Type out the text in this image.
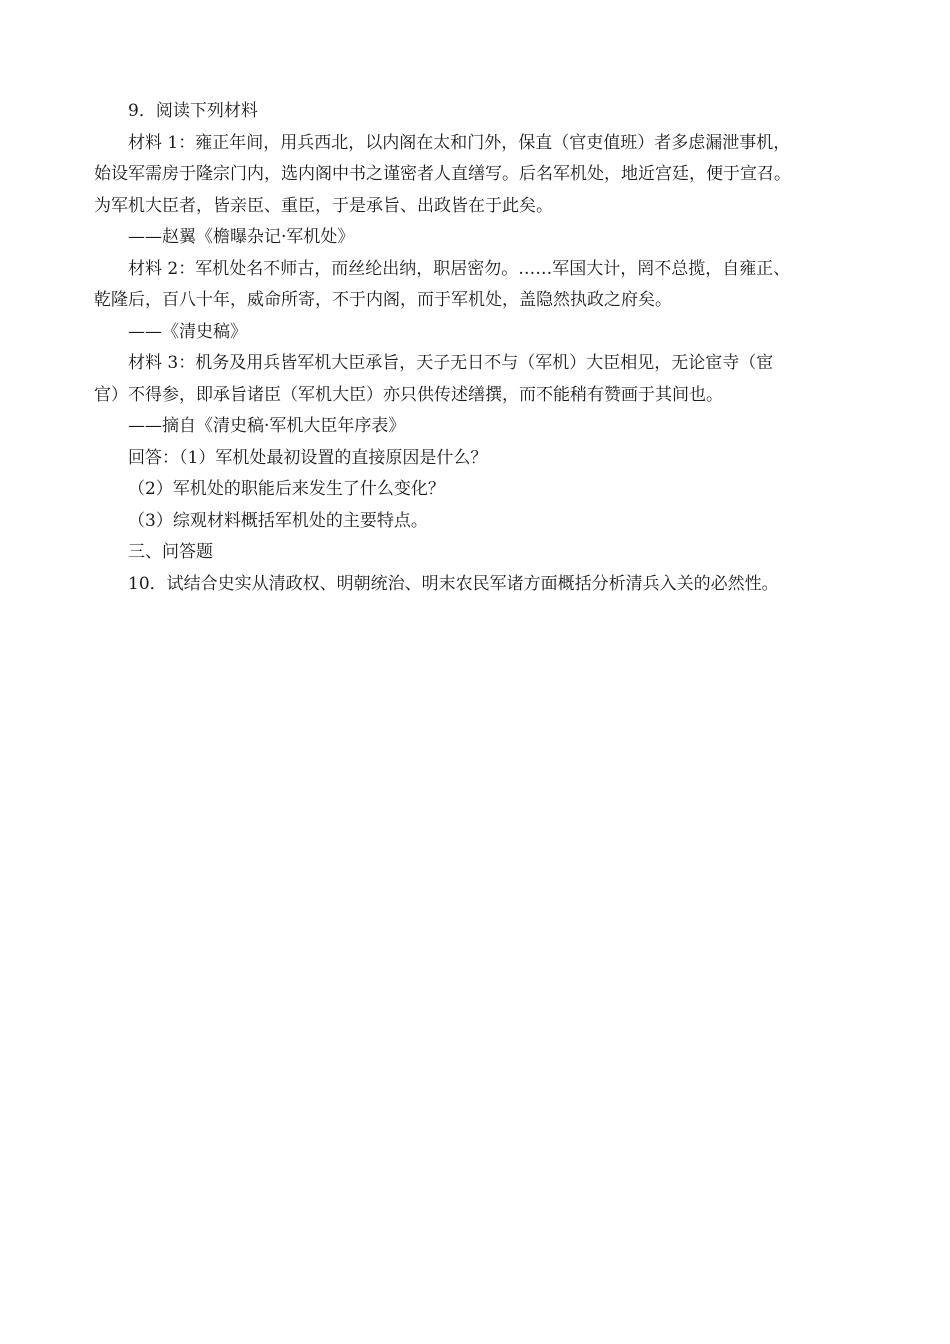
9．阅读下列材料
材料 1：雍正年间，用兵西北，以内阁在太和门外，保直（官吏值班）者多虑漏泄事机，
始设军需房于隆宗门内，选内阁中书之谨密者人直缮写。后名军机处，地近宫廷，便于宣召。
为军机大臣者，皆亲臣、重臣，于是承旨、出政皆在于此矣。
——赵翼《檐曝杂记·军机处》
材料 2：军机处名不师古，而丝纶出纳，职居密勿。……军国大计，罔不总揽，自雍正、
乾隆后，百八十年，威命所寄，不于内阁，而于军机处，盖隐然执政之府矣。
——《清史稿》
材料 3：机务及用兵皆军机大臣承旨，天子无日不与（军机）大臣相见，无论宦寺（宦
官）不得参，即承旨诸臣（军机大臣）亦只供传述缮撰，而不能稍有赞画于其间也。
——摘自《清史稿·军机大臣年序表》
回答：（1）军机处最初设置的直接原因是什么？
（2）军机处的职能后来发生了什么变化？
（3）综观材料概括军机处的主要特点。
三、问答题
10．试结合史实从清政权、明朝统治、明末农民军诸方面概括分析清兵入关的必然性。
